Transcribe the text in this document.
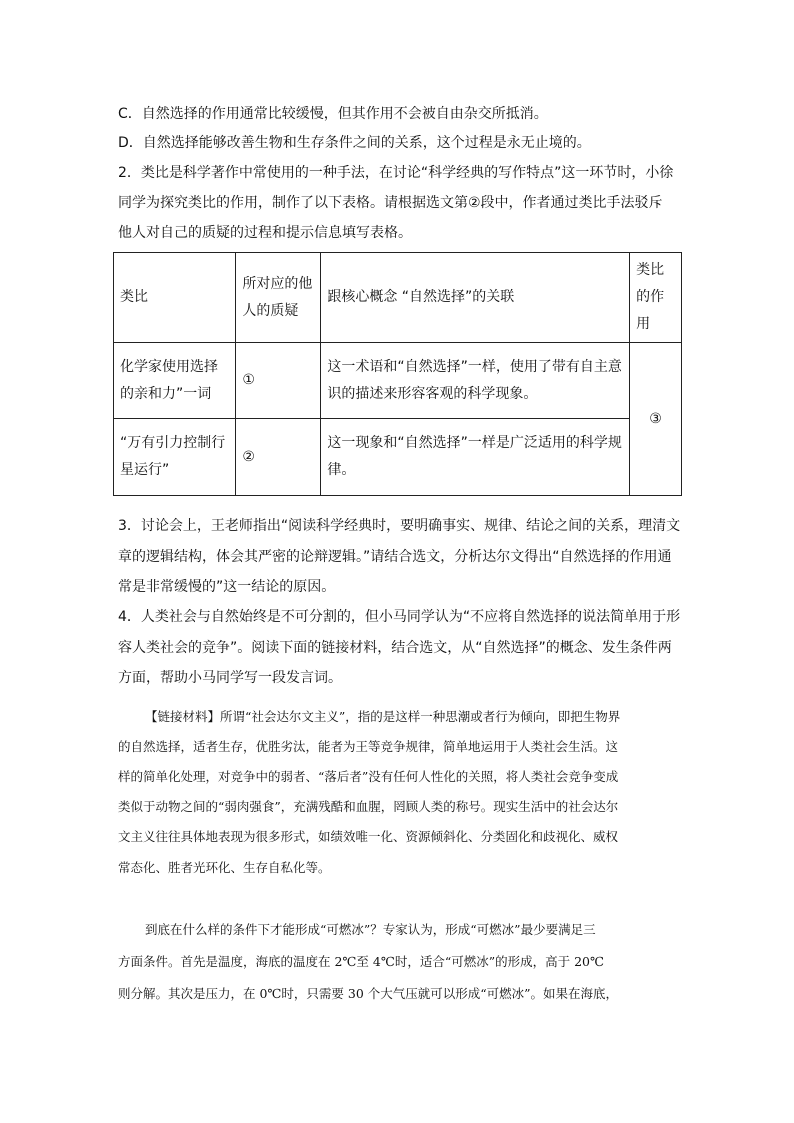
C．自然选择的作用通常比较缓慢，但其作用不会被自由杂交所抵消。
D．自然选择能够改善生物和生存条件之间的关系，这个过程是永无止境的。
2．类比是科学著作中常使用的一种手法，在讨论“科学经典的写作特点”这一环节时，小徐
同学为探究类比的作用，制作了以下表格。请根据选文第②段中，作者通过类比手法驳斥
他人对自己的质疑的过程和提示信息填写表格。
类比	所对应的他人的质疑	跟核心概念 “自然选择”的关联	类比的作用
化学家使用选择的亲和力”一词	①	这一术语和“自然选择”一样，使用了带有自主意识的描述来形容客观的科学现象。	③
“万有引力控制行星运行”	②	这一现象和“自然选择”一样是广泛适用的科学规律。	
3．讨论会上，王老师指出“阅读科学经典时，要明确事实、规律、结论之间的关系，理清文
章的逻辑结构，体会其严密的论辩逻辑。”请结合选文，分析达尔文得出“自然选择的作用通
常是非常缓慢的”这一结论的原因。
4．人类社会与自然始终是不可分割的，但小马同学认为“不应将自然选择的说法简单用于形
容人类社会的竞争”。阅读下面的链接材料，结合选文，从“自然选择”的概念、发生条件两
方面，帮助小马同学写一段发言词。
【链接材料】所谓“社会达尔文主义”，指的是这样一种思潮或者行为倾向，即把生物界
的自然选择，适者生存，优胜劣汰，能者为王等竞争规律，简单地运用于人类社会生活。这
样的简单化处理，对竞争中的弱者、“落后者”没有任何人性化的关照，将人类社会竞争变成
类似于动物之间的“弱肉强食”，充满残酷和血腥，罔顾人类的称号。现实生活中的社会达尔
文主义往往具体地表现为很多形式，如绩效唯一化、资源倾斜化、分类固化和歧视化、威权
常态化、胜者光环化、生存自私化等。
到底在什么样的条件下才能形成“可燃冰”？专家认为，形成“可燃冰”最少要满足三
方面条件。首先是温度，海底的温度在 2℃至 4℃时，适合“可燃冰”的形成，高于 20℃
则分解。其次是压力，在 0℃时，只需要 30 个大气压就可以形成“可燃冰”。如果在海底，
